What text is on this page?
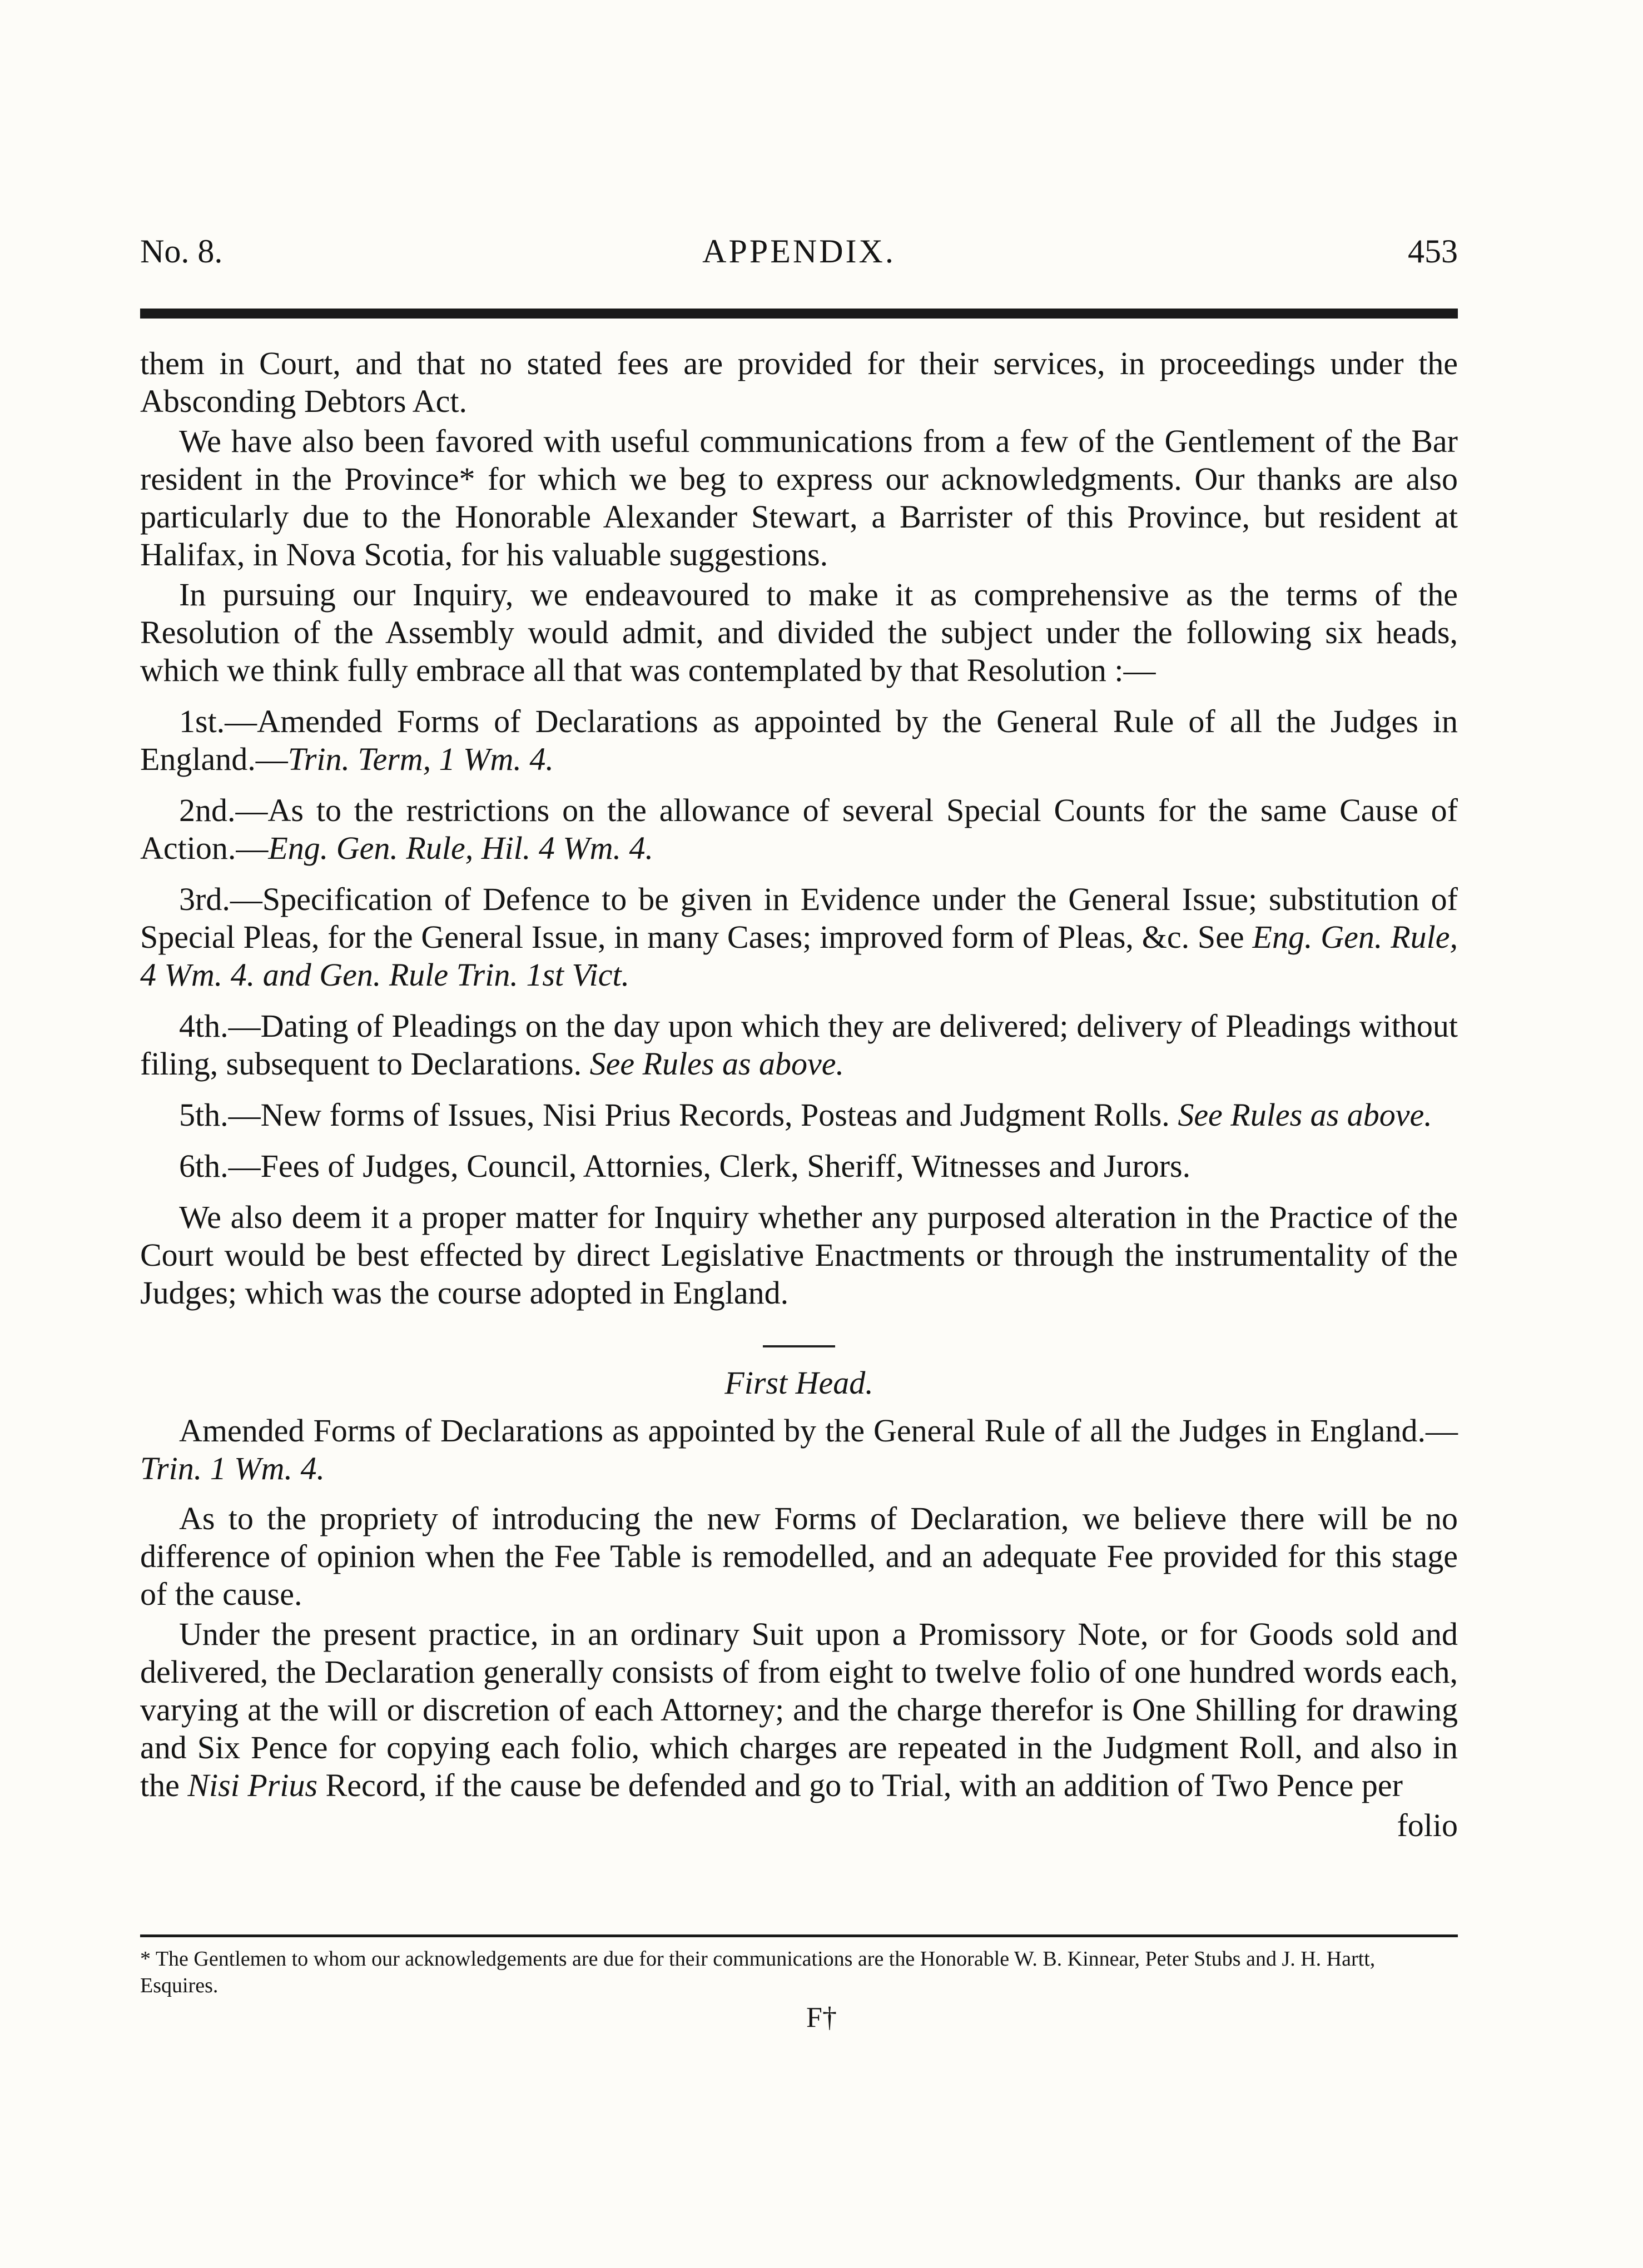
No. 8.	APPENDIX.	453

them in Court, and that no stated fees are provided for their services, in proceedings under the Absconding Debtors Act.

We have also been favored with useful communications from a few of the Gentlement of the Bar resident in the Province* for which we beg to express our acknowledgments. Our thanks are also particularly due to the Honorable Alexander Stewart, a Barrister of this Province, but resident at Halifax, in Nova Scotia, for his valuable suggestions.

In pursuing our Inquiry, we endeavoured to make it as comprehensive as the terms of the Resolution of the Assembly would admit, and divided the subject under the following six heads, which we think fully embrace all that was contemplated by that Resolution :—

1st.—Amended Forms of Declarations as appointed by the General Rule of all the Judges in England.—Trin. Term, 1 Wm. 4.

2nd.—As to the restrictions on the allowance of several Special Counts for the same Cause of Action.—Eng. Gen. Rule, Hil. 4 Wm. 4.

3rd.—Specification of Defence to be given in Evidence under the General Issue; substitution of Special Pleas, for the General Issue, in many Cases; improved form of Pleas, &c. See Eng. Gen. Rule, 4 Wm. 4. and Gen. Rule Trin. 1st Vict.

4th.—Dating of Pleadings on the day upon which they are delivered; delivery of Pleadings without filing, subsequent to Declarations. See Rules as above.

5th.—New forms of Issues, Nisi Prius Records, Posteas and Judgment Rolls. See Rules as above.

6th.—Fees of Judges, Council, Attornies, Clerk, Sheriff, Witnesses and Jurors.

We also deem it a proper matter for Inquiry whether any purposed alteration in the Practice of the Court would be best effected by direct Legislative Enactments or through the instrumentality of the Judges; which was the course adopted in England.

First Head.

Amended Forms of Declarations as appointed by the General Rule of all the Judges in England.—Trin. 1 Wm. 4.

As to the propriety of introducing the new Forms of Declaration, we believe there will be no difference of opinion when the Fee Table is remodelled, and an adequate Fee provided for this stage of the cause.

Under the present practice, in an ordinary Suit upon a Promissory Note, or for Goods sold and delivered, the Declaration generally consists of from eight to twelve folio of one hundred words each, varying at the will or discretion of each Attorney; and the charge therefor is One Shilling for drawing and Six Pence for copying each folio, which charges are repeated in the Judgment Roll, and also in the Nisi Prius Record, if the cause be defended and go to Trial, with an addition of Two Pence per

folio

* The Gentlemen to whom our acknowledgements are due for their communications are the Honorable W. B. Kinnear, Peter Stubs and J. H. Hartt, Esquires.
F†
